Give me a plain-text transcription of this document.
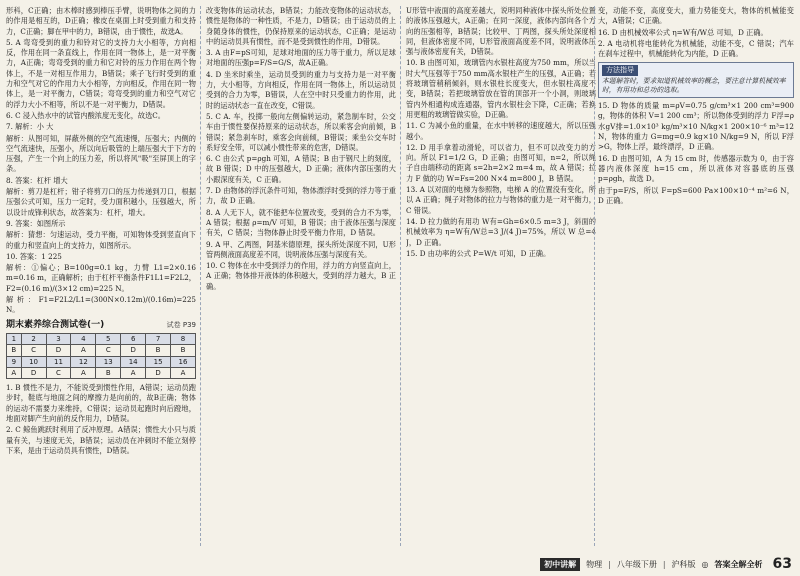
形科，C正确；由木棒时感到棒压手臂，说明物体之间的力的作用是相互的，D正确；橡皮在桌面上时受到重力和支持力，C正确；脚在甲中的力，B错误，由于惯性，故选A。

5. A 弯弯受到的重力和铃对它的支持力大小相等，方向相反，作用在同一条直线上，作用在同一物体上，是一对平衡力，A正确；弯弯受到的重力和它对铃的压力作用在两个物体上，不是一对相互作用力，B错误；乘子飞行时受到的重力和空气对它的作用力大小相等，方向相反，作用在同一物体上，是一对平衡力，C错误；弯弯受到的重力和空气对它的浮力大小不相等，所以不是一对平衡力，D错误。

6. C 浸入热水中的试管内酸浓度无变化，故选C。

7. 解析：小 大

解析：从图可知，屏蔽外侧的空气流速慢，压强大；内侧的空气流速快，压强小，所以向后吸管的上端压强大于下方的压强，产生一个向上的压力差，所以将风"吸"至屏顶上的字条。

8. 答案：杠杆 增大

解析：剪刀是杠杆；钳子将剪刀口的压力传递到刀口，根据压强公式可知，压力一定时，受力面积越小，压强越大，所以设计成锋利状态，故答案为：杠杆，增大。

9. 答案：如图所示

解析：猜想：匀速运动，受力平衡，可知物体受到竖直向下的重力和竖直向上的支持力，如图所示。

10. 答案：1 225

解析：①偏心；B=100g=0.1 kg，力臂 L1=2×0.16 m=0.16 m，正确解析；由于杠杆平衡条件F1L1=F2L2，F2=(0.16 m)/(3×12 cm)=225 N。

解析：F1=F2L2/L1=(300N×0.12m)/(0.16m)=225 N。

期末素养综合测试卷(一)	试卷 P39
1	2	3	4	5	6	7	8
B	C	D	A	C	D	B	B
9	10	11	12	13	14	15	16
A	D	C	A	B	A	D	A

1. B 惯性不是力，不能说受到惯性作用，A错误；运动员跑步时，鞋底与地面之间的摩擦力是向前的，故B正确；物体的运动不需要力来维持，C错误；运动员起跑时向后蹬地，地面对脚产生向前的反作用力，D错误。

2. C 鲸鱼跳跃时利用了反冲原理。A错误；惯性大小只与质量有关，与速度无关，B错误；运动员在冲刺时不能立刻停下来，是由于运动员具有惯性，D错误。

改变物体的运动状态，B错误；力能改变物体的运动状态，惯性是物体的一种性质，不是力，D错误；由于运动员的上身随身体的惯性，仍保持原来的运动状态，C正确；是运动中的运动员具有惯性，而不是受到惯性的作用，D错误。

3. A 由F=pS可知，足球对地面的压力等于重力，所以足球对地面的压强p=F/S=G/S，故A正确。

4. D 坐米时乘坐，运动员受到的重力与支持力是一对平衡力，大小相等，方向相反，作用在同一物体上，所以运动员受到的合力为零，B错误，人在空中时只受重力的作用，此时的运动状态一直在改变，C错误。

5. C A. 车，投掷一般向左侧偏转运动，紧急制车时，公交车由于惯性要保持原来的运动状态，所以乘客会向前倾，B错误；紧急刹车时，乘客会向前倾，B错误；乘坐公交车时系好安全带，可以减小惯性带来的危害，D错误。

6. C 由公式 p=ρgh 可知，A 错误；B 由于钢尺上的刻度，故 B 错误；D 中的压强越大，D 正确；液体内部压强的大小跟深度有关，C 正确。

7. D 由物体的浮沉条件可知，物体漂浮时受到的浮力等于重力，故 D 正确。

8. A 人无下人，就不能把车位置改变，受到的合力不为零，A 错误；根据 ρ=m/V 可知，B 错误；由于液体压强与深度有关，C 错误；当物体静止时受平衡力作用，D 错误。

9. A 甲、乙两图，阿基米德原理，探头所处深度不同，U形管两侧液面高度差不同，说明液体压强与深度有关。

10. C 物体在水中受到浮力的作用，浮力的方向竖直向上，A 正确；物体排开液体的体积越大，受到的浮力越大，B 正确。

U形管中液面的高度差越大，说明同种液体中探头所处位置的液体压强越大，A正确；在同一深度，液体内部向各个方向的压强相等，B错误；比较甲、丁两图，探头所处深度相同，但液体密度不同，U形管液面高度差不同，说明液体压强与液体密度有关，D错误。

10. B 由图可知，玻璃管内水银柱高度为750 mm，所以当时大气压强等于750 mm高水银柱产生的压强，A正确；若将玻璃管稍稍倾斜，则水银柱长度变大，但水银柱高度不变，B错误；若把玻璃管放在管的顶部开一个小洞，则玻璃管内外相通构成连通器，管内水银柱会下降，C正确；若换用更粗的玻璃管做实验，D正确。

11. C 为减小鱼的重量，在水中转移的速度越大，所以压强越小。

12. D 用手拿着动滑轮，可以省力，但不可以改变力的方向。所以 F1=1/2 G，D 正确；由图可知，n=2，所以绳子自由端移动的距离 s=2h=2×2 m=4 m，故 A 错误；拉力 F 做的功 W=Fs=200 N×4 m=800 J，B 错误。

13. A 以对面的电梯为参照物，电梯 A 的位置没有变化，所以 A 正确；绳子对物体的拉力与物体的重力是一对平衡力，C 错误。

14. D 拉力做的有用功 W有=Gh=6×0.5 m=3 J，斜面的机械效率为 η=W有/W总=3 J/(4 J)=75%，所以 W 总=4 J，D 正确。

15. D 由功率的公式 P=W/t 可知，D 正确。

变，动能不变，高度变大，重力势能变大，物体的机械能变大，A错误；C正确。

16. D 由机械效率公式 η=W有/W总 可知，D 正确。

2. A 电动机将电能转化为机械能，动能不变，C 错误；汽车在刹车过程中，机械能转化为内能，D 正确。

方法指导
本题解答时，要求知道机械效率的概念，要注意计算机械效率时，有用功和总功的选取。

15. D 物体的质量 m=ρV=0.75 g/cm³×1 200 cm³=900 g，物体的体积 V=1 200 cm³；所以物体受到的浮力 F浮=ρ水gV排=1.0×10³ kg/m³×10 N/kg×1 200×10⁻⁶ m³=12 N，物体的重力 G=mg=0.9 kg×10 N/kg=9 N，所以 F浮>G，物体上浮，最终漂浮，D 正确。

16. D 由图可知，A 为 15 cm 时，传感器示数为 0，由于容器内液体深度 h=15 cm，所以液体对容器底的压强 p=ρgh，故选 D。

由于p=F/S，所以 F=pS=600 Pa×100×10⁻⁴ m²=6 N，D 正确。

初中讲解	物理 | 八年级下册 | 沪科版 ◎ 答案全解全析 63
